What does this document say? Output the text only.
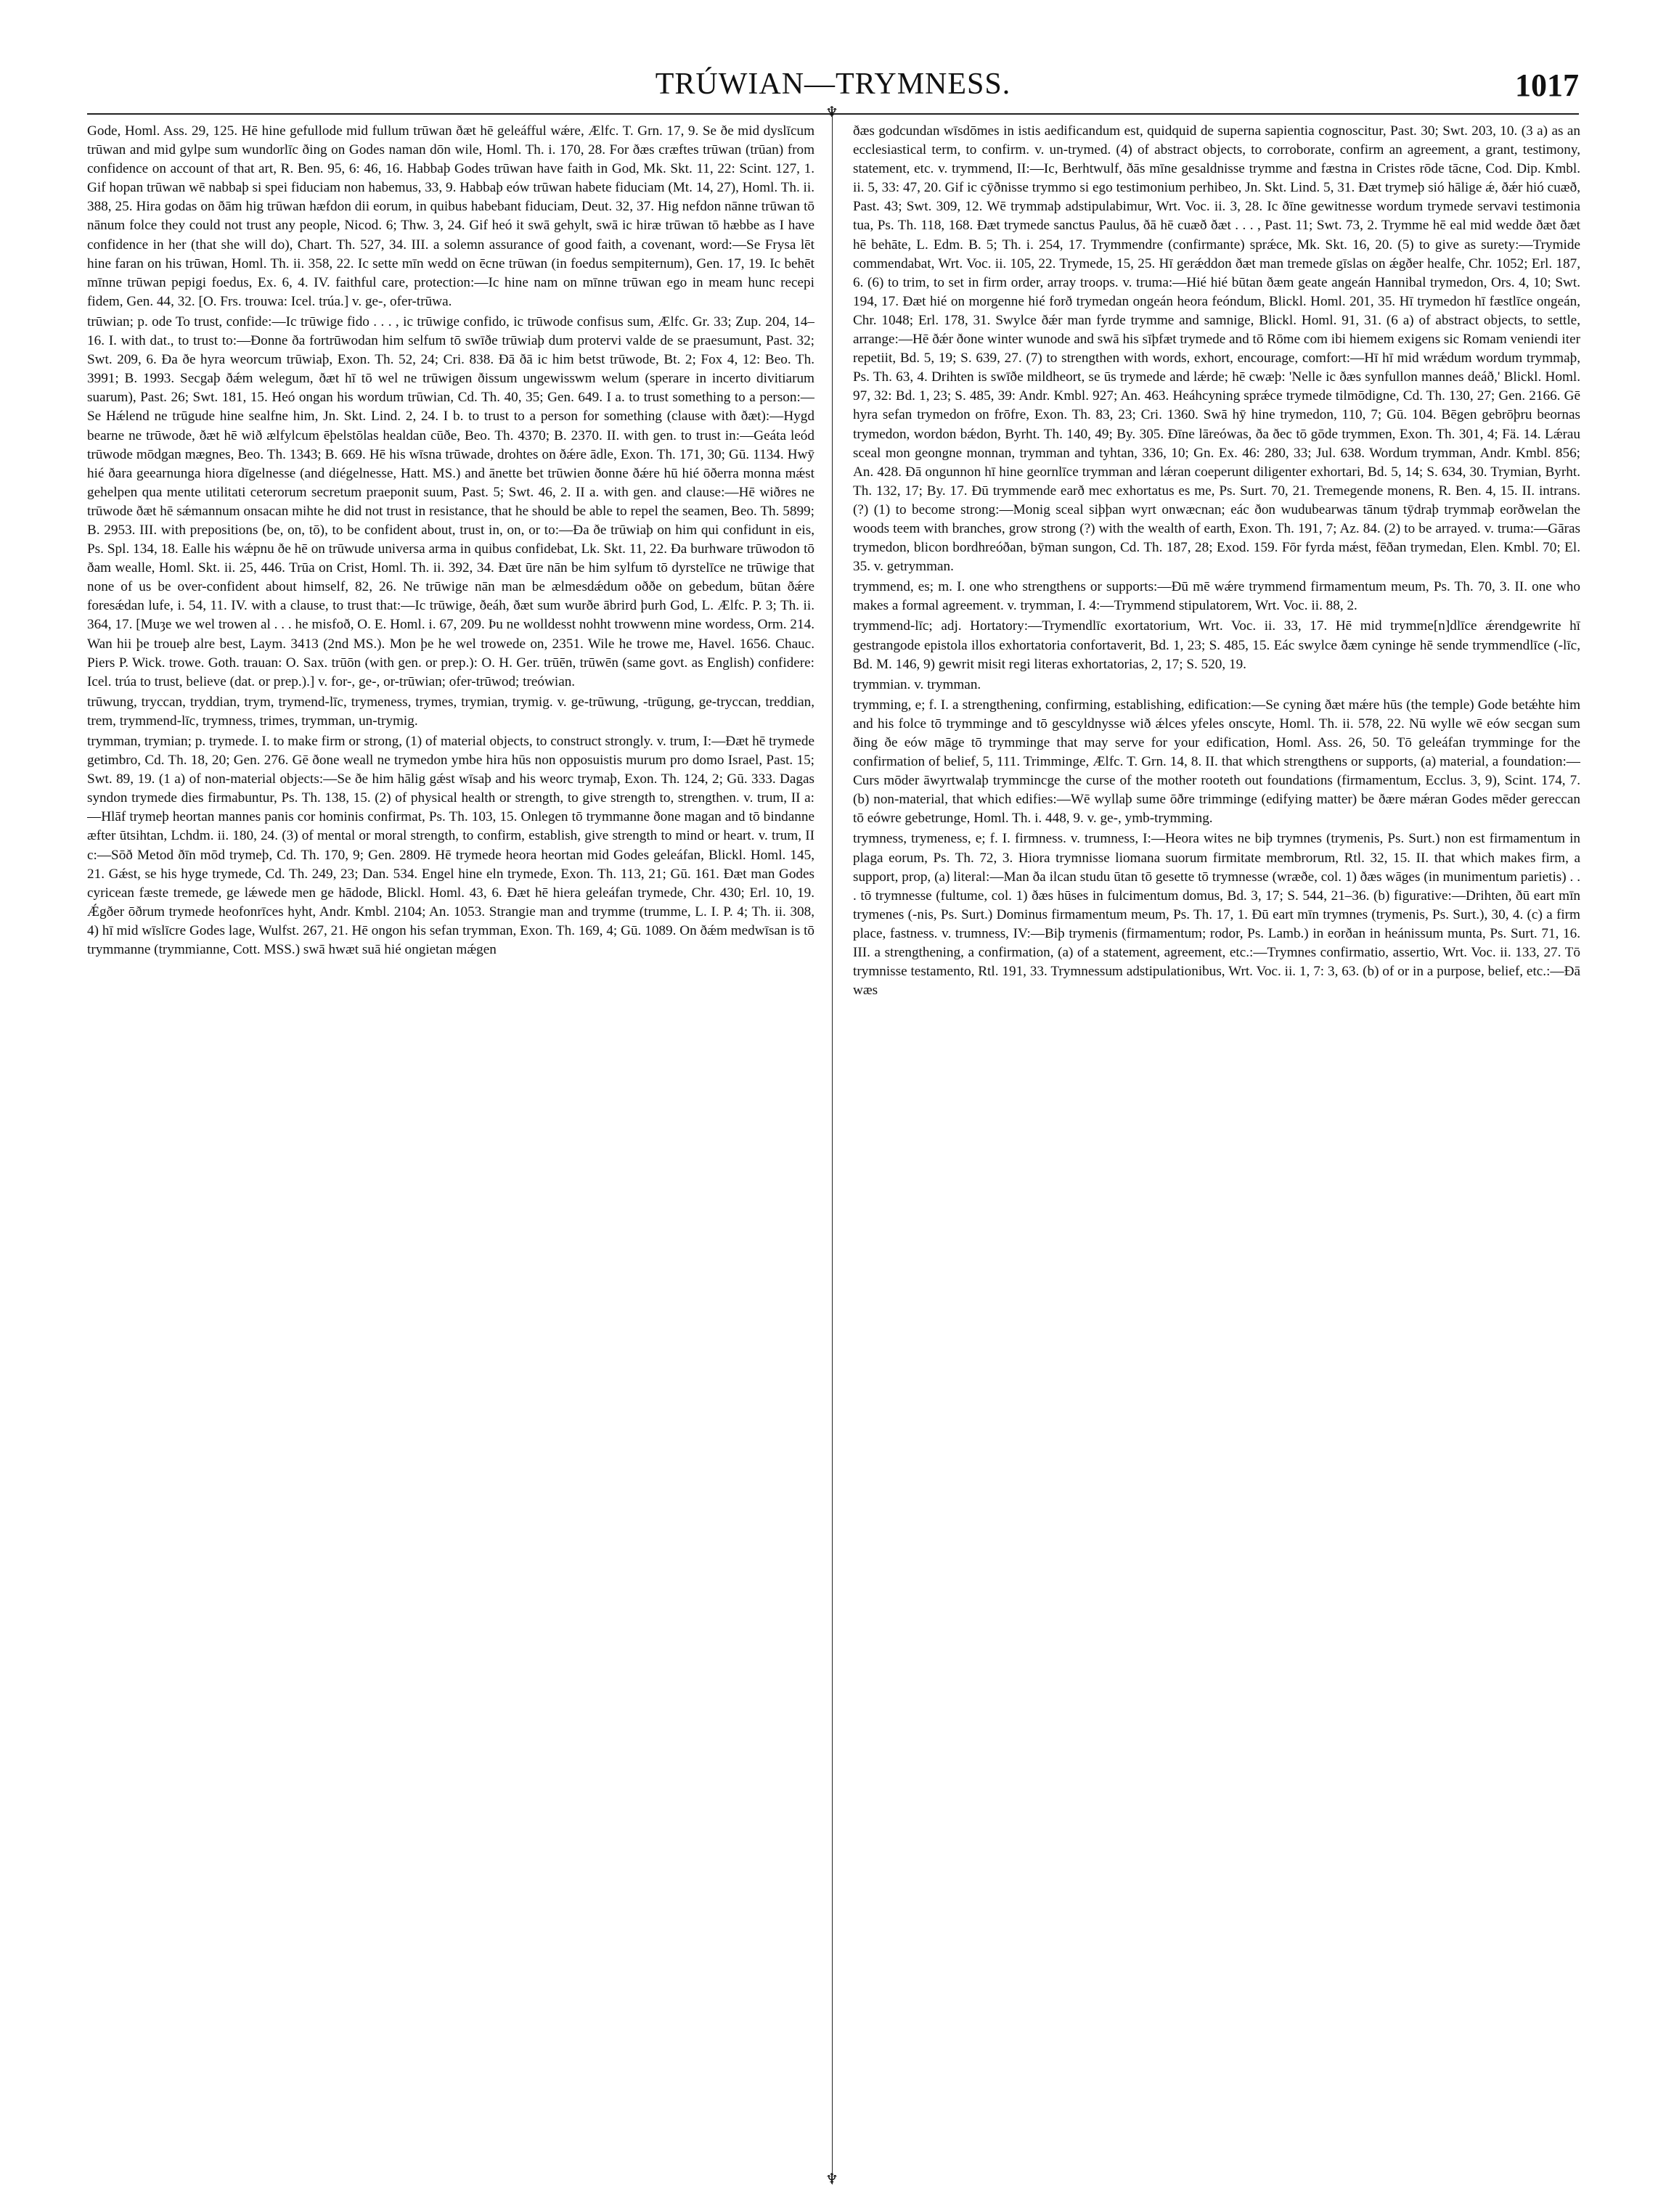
TRÚWIAN—TRYMNESS.	1017
♆
♆

Gode, Homl. Ass. 29, 125. Hē hine gefullode mid fullum trūwan ðæt hē geleáfful wǽre, Ælfc. T. Grn. 17, 9. Se ðe mid dyslīcum trūwan and mid gylpe sum wundorlīc ðing on Godes naman dōn wile, Homl. Th. i. 170, 28. For ðæs cræftes trūwan (trūan) from confidence on account of that art, R. Ben. 95, 6: 46, 16. Habbaþ Godes trūwan have faith in God, Mk. Skt. 11, 22: Scint. 127, 1. Gif hopan trūwan wē nabbaþ si spei fiduciam non habemus, 33, 9. Habbaþ eów trūwan habete fiduciam (Mt. 14, 27), Homl. Th. ii. 388, 25. Hira godas on ðām hig trūwan hæfdon dii eorum, in quibus habebant fiduciam, Deut. 32, 37. Hig nefdon nānne trūwan tō nānum folce they could not trust any people, Nicod. 6; Thw. 3, 24. Gif heó it swā gehylt, swā ic hiræ trūwan tō hæbbe as I have confidence in her (that she will do), Chart. Th. 527, 34. III. a solemn assurance of good faith, a covenant, word:—Se Frysa lēt hine faran on his trūwan, Homl. Th. ii. 358, 22. Ic sette mīn wedd on ēcne trūwan (in foedus sempiternum), Gen. 17, 19. Ic behēt mīnne trūwan pepigi foedus, Ex. 6, 4. IV. faithful care, protection:—Ic hine nam on mīnne trūwan ego in meam hunc recepi fidem, Gen. 44, 32. [O. Frs. trouwa: Icel. trúa.] v. ge-, ofer-trūwa.

trūwian; p. ode To trust, confide:—Ic trūwige fido . . . , ic trūwige confido, ic trūwode confisus sum, Ælfc. Gr. 33; Zup. 204, 14–16. I. with dat., to trust to:—Ðonne ða fortrūwodan him selfum tō swīðe trūwiaþ dum protervi valde de se praesumunt, Past. 32; Swt. 209, 6. Ða ðe hyra weorcum trūwiaþ, Exon. Th. 52, 24; Cri. 838. Ðā ðā ic him betst trūwode, Bt. 2; Fox 4, 12: Beo. Th. 3991; B. 1993. Secgaþ ðǽm welegum, ðæt hī tō wel ne trūwigen ðissum ungewisswm welum (sperare in incerto divitiarum suarum), Past. 26; Swt. 181, 15. Heó ongan his wordum trūwian, Cd. Th. 40, 35; Gen. 649. I a. to trust something to a person:—Se Hǽlend ne trūgude hine sealfne him, Jn. Skt. Lind. 2, 24. I b. to trust to a person for something (clause with ðæt):—Hygd bearne ne trūwode, ðæt hē wið ælfylcum ēþelstōlas healdan cūðe, Beo. Th. 4370; B. 2370. II. with gen. to trust in:—Geáta leód trūwode mōdgan mægnes, Beo. Th. 1343; B. 669. Hē his wīsna trūwade, drohtes on ðǽre ādle, Exon. Th. 171, 30; Gū. 1134. Hwȳ hié ðara geearnunga hiora dīgelnesse (and diégelnesse, Hatt. MS.) and ānette bet trūwien ðonne ðǽre hū hié ōðerra monna mǽst gehelpen qua mente utilitati ceterorum secretum praeponit suum, Past. 5; Swt. 46, 2. II a. with gen. and clause:—Hē wiðres ne trūwode ðæt hē sǽmannum onsacan mihte he did not trust in resistance, that he should be able to repel the seamen, Beo. Th. 5899; B. 2953. III. with prepositions (be, on, tō), to be confident about, trust in, on, or to:—Ða ðe trūwiaþ on him qui confidunt in eis, Ps. Spl. 134, 18. Ealle his wǽpnu ðe hē on trūwude universa arma in quibus confidebat, Lk. Skt. 11, 22. Ða burhware trūwodon tō ðam wealle, Homl. Skt. ii. 25, 446. Trūa on Crist, Homl. Th. ii. 392, 34. Ðæt ūre nān be him sylfum tō dyrstelīce ne trūwige that none of us be over-confident about himself, 82, 26. Ne trūwige nān man be ælmesdǽdum oððe on gebedum, būtan ðǽre foresǽdan lufe, i. 54, 11. IV. with a clause, to trust that:—Ic trūwige, ðeáh, ðæt sum wurðe ābrird þurh God, L. Ælfc. P. 3; Th. ii. 364, 17. [Muȝe we wel trowen al . . . he misfoð, O. E. Homl. i. 67, 209. Þu ne wolldesst nohht trowwenn mine wordess, Orm. 214. Wan hii þe troueþ alre best, Laym. 3413 (2nd MS.). Mon þe he wel trowede on, 2351. Wile he trowe me, Havel. 1656. Chauc. Piers P. Wick. trowe. Goth. trauan: O. Sax. trūōn (with gen. or prep.): O. H. Ger. trūēn, trūwēn (same govt. as English) confidere: Icel. trúa to trust, believe (dat. or prep.).] v. for-, ge-, or-trūwian; ofer-trūwod; treówian.

trūwung, tryccan, tryddian, trym, trymend-līc, trymeness, trymes, trymian, trymig. v. ge-trūwung, -trūgung, ge-tryccan, treddian, trem, trymmend-līc, trymness, trimes, trymman, un-trymig.

trymman, trymian; p. trymede. I. to make firm or strong, (1) of material objects, to construct strongly. v. trum, I:—Ðæt hē trymede getimbro, Cd. Th. 18, 20; Gen. 276. Gē ðone weall ne trymedon ymbe hira hūs non opposuistis murum pro domo Israel, Past. 15; Swt. 89, 19. (1 a) of non-material objects:—Se ðe him hālig gǽst wīsaþ and his weorc trymaþ, Exon. Th. 124, 2; Gū. 333. Dagas syndon trymede dies firmabuntur, Ps. Th. 138, 15. (2) of physical health or strength, to give strength to, strengthen. v. trum, II a:—Hlāf trymeþ heortan mannes panis cor hominis confirmat, Ps. Th. 103, 15. Onlegen tō trymmanne ðone magan and tō bindanne æfter ūtsihtan, Lchdm. ii. 180, 24. (3) of mental or moral strength, to confirm, establish, give strength to mind or heart. v. trum, II c:—Sōð Metod ðīn mōd trymeþ, Cd. Th. 170, 9; Gen. 2809. Hē trymede heora heortan mid Godes geleáfan, Blickl. Homl. 145, 21. Gǽst, se his hyge trymede, Cd. Th. 249, 23; Dan. 534. Engel hine eln trymede, Exon. Th. 113, 21; Gū. 161. Ðæt man Godes cyricean fæste tremede, ge lǽwede men ge hādode, Blickl. Homl. 43, 6. Ðæt hē hiera geleáfan trymede, Chr. 430; Erl. 10, 19. Ǽgðer ōðrum trymede heofonrīces hyht, Andr. Kmbl. 2104; An. 1053. Strangie man and trymme (trumme, L. I. P. 4; Th. ii. 308, 4) hī mid wīslīcre Godes lage, Wulfst. 267, 21. Hē ongon his sefan trymman, Exon. Th. 169, 4; Gū. 1089. On ðǽm medwīsan is tō trymmanne (trymmianne, Cott. MSS.) swā hwæt suā hié ongietan mǽgen

ðæs godcundan wīsdōmes in istis aedificandum est, quidquid de superna sapientia cognoscitur, Past. 30; Swt. 203, 10. (3 a) as an ecclesiastical term, to confirm. v. un-trymed. (4) of abstract objects, to corroborate, confirm an agreement, a grant, testimony, statement, etc. v. trymmend, II:—Ic, Berhtwulf, ðās mīne gesaldnisse trymme and fæstna in Cristes rōde tācne, Cod. Dip. Kmbl. ii. 5, 33: 47, 20. Gif ic cȳðnisse trymmo si ego testimonium perhibeo, Jn. Skt. Lind. 5, 31. Ðæt trymeþ sió hālige ǽ, ðǽr hió cuæð, Past. 43; Swt. 309, 12. Wē trymmaþ adstipulabimur, Wrt. Voc. ii. 3, 28. Ic ðīne gewitnesse wordum trymede servavi testimonia tua, Ps. Th. 118, 168. Ðæt trymede sanctus Paulus, ðā hē cuæð ðæt . . . , Past. 11; Swt. 73, 2. Trymme hē eal mid wedde ðæt ðæt hē behāte, L. Edm. B. 5; Th. i. 254, 17. Trymmendre (confirmante) sprǽce, Mk. Skt. 16, 20. (5) to give as surety:—Trymide commendabat, Wrt. Voc. ii. 105, 22. Trymede, 15, 25. Hī gerǽddon ðæt man tremede gīslas on ǽgðer healfe, Chr. 1052; Erl. 187, 6. (6) to trim, to set in firm order, array troops. v. truma:—Hié hié būtan ðæm geate angeán Hannibal trymedon, Ors. 4, 10; Swt. 194, 17. Ðæt hié on morgenne hié forð trymedan ongeán heora feóndum, Blickl. Homl. 201, 35. Hī trymedon hī fæstlīce ongeán, Chr. 1048; Erl. 178, 31. Swylce ðǽr man fyrde trymme and samnige, Blickl. Homl. 91, 31. (6 a) of abstract objects, to settle, arrange:—Hē ðǽr ðone winter wunode and swā his sīþfæt trymede and tō Rōme com ibi hiemem exigens sic Romam veniendi iter repetiit, Bd. 5, 19; S. 639, 27. (7) to strengthen with words, exhort, encourage, comfort:—Hī hī mid wrǽdum wordum trymmaþ, Ps. Th. 63, 4. Drihten is swīðe mildheort, se ūs trymede and lǽrde; hē cwæþ: 'Nelle ic ðæs synfullon mannes deáð,' Blickl. Homl. 97, 32: Bd. 1, 23; S. 485, 39: Andr. Kmbl. 927; An. 463. Heáhcyning sprǽce trymede tilmōdigne, Cd. Th. 130, 27; Gen. 2166. Gē hyra sefan trymedon on frōfre, Exon. Th. 83, 23; Cri. 1360. Swā hȳ hine trymedon, 110, 7; Gū. 104. Bēgen gebrōþru beornas trymedon, wordon bǽdon, Byrht. Th. 140, 49; By. 305. Ðīne lāreówas, ða ðec tō gōde trymmen, Exon. Th. 301, 4; Fä. 14. Lǽrau sceal mon geongne monnan, trymman and tyhtan, 336, 10; Gn. Ex. 46: 280, 33; Jul. 638. Wordum trymman, Andr. Kmbl. 856; An. 428. Ðā ongunnon hī hine geornlīce trymman and lǽran coeperunt diligenter exhortari, Bd. 5, 14; S. 634, 30. Trymian, Byrht. Th. 132, 17; By. 17. Ðū trymmende earð mec exhortatus es me, Ps. Surt. 70, 21. Tremegende monens, R. Ben. 4, 15. II. intrans. (?) (1) to become strong:—Monig sceal siþþan wyrt onwæcnan; eác ðon wudubearwas tānum tȳdraþ trymmaþ eorðwelan the woods teem with branches, grow strong (?) with the wealth of earth, Exon. Th. 191, 7; Az. 84. (2) to be arrayed. v. truma:—Gāras trymedon, blicon bordhreóðan, bȳman sungon, Cd. Th. 187, 28; Exod. 159. Fōr fyrda mǽst, fēðan trymedan, Elen. Kmbl. 70; El. 35. v. getrymman.

trymmend, es; m. I. one who strengthens or supports:—Ðū mē wǽre trymmend firmamentum meum, Ps. Th. 70, 3. II. one who makes a formal agreement. v. trymman, I. 4:—Trymmend stipulatorem, Wrt. Voc. ii. 88, 2.

trymmend-līc; adj. Hortatory:—Trymendlīc exortatorium, Wrt. Voc. ii. 33, 17. Hē mid trymme[n]dlīce ǽrendgewrite hī gestrangode epistola illos exhortatoria confortaverit, Bd. 1, 23; S. 485, 15. Eác swylce ðæm cyninge hē sende trymmendlīce (-līc, Bd. M. 146, 9) gewrit misit regi literas exhortatorias, 2, 17; S. 520, 19.

trymmian. v. trymman.

trymming, e; f. I. a strengthening, confirming, establishing, edification:—Se cyning ðæt mǽre hūs (the temple) Gode betǽhte him and his folce tō trymminge and tō gescyldnysse wið ǽlces yfeles onscyte, Homl. Th. ii. 578, 22. Nū wylle wē eów secgan sum ðing ðe eów māge tō trymminge that may serve for your edification, Homl. Ass. 26, 50. Tō geleáfan trymminge for the confirmation of belief, 5, 111. Trimminge, Ælfc. T. Grn. 14, 8. II. that which strengthens or supports, (a) material, a foundation:—Curs mōder āwyrtwalaþ trymmincge the curse of the mother rooteth out foundations (firmamentum, Ecclus. 3, 9), Scint. 174, 7. (b) non-material, that which edifies:—Wē wyllaþ sume ōðre trimminge (edifying matter) be ðære mǽran Godes mēder gereccan tō eówre gebetrunge, Homl. Th. i. 448, 9. v. ge-, ymb-trymming.

trymness, trymeness, e; f. I. firmness. v. trumness, I:—Heora wites ne biþ trymnes (trymenis, Ps. Surt.) non est firmamentum in plaga eorum, Ps. Th. 72, 3. Hiora trymnisse liomana suorum firmitate membrorum, Rtl. 32, 15. II. that which makes firm, a support, prop, (a) literal:—Man ða ilcan studu ūtan tō gesette tō trymnesse (wræðe, col. 1) ðæs wāges (in munimentum parietis) . . . tō trymnesse (fultume, col. 1) ðæs hūses in fulcimentum domus, Bd. 3, 17; S. 544, 21–36. (b) figurative:—Drihten, ðū eart mīn trymenes (-nis, Ps. Surt.) Dominus firmamentum meum, Ps. Th. 17, 1. Ðū eart mīn trymnes (trymenis, Ps. Surt.), 30, 4. (c) a firm place, fastness. v. trumness, IV:—Biþ trymenis (firmamentum; rodor, Ps. Lamb.) in eorðan in heánissum munta, Ps. Surt. 71, 16. III. a strengthening, a confirmation, (a) of a statement, agreement, etc.:—Trymnes confirmatio, assertio, Wrt. Voc. ii. 133, 27. Tō trymnisse testamento, Rtl. 191, 33. Trymnessum adstipulationibus, Wrt. Voc. ii. 1, 7: 3, 63. (b) of or in a purpose, belief, etc.:—Ðā wæs
